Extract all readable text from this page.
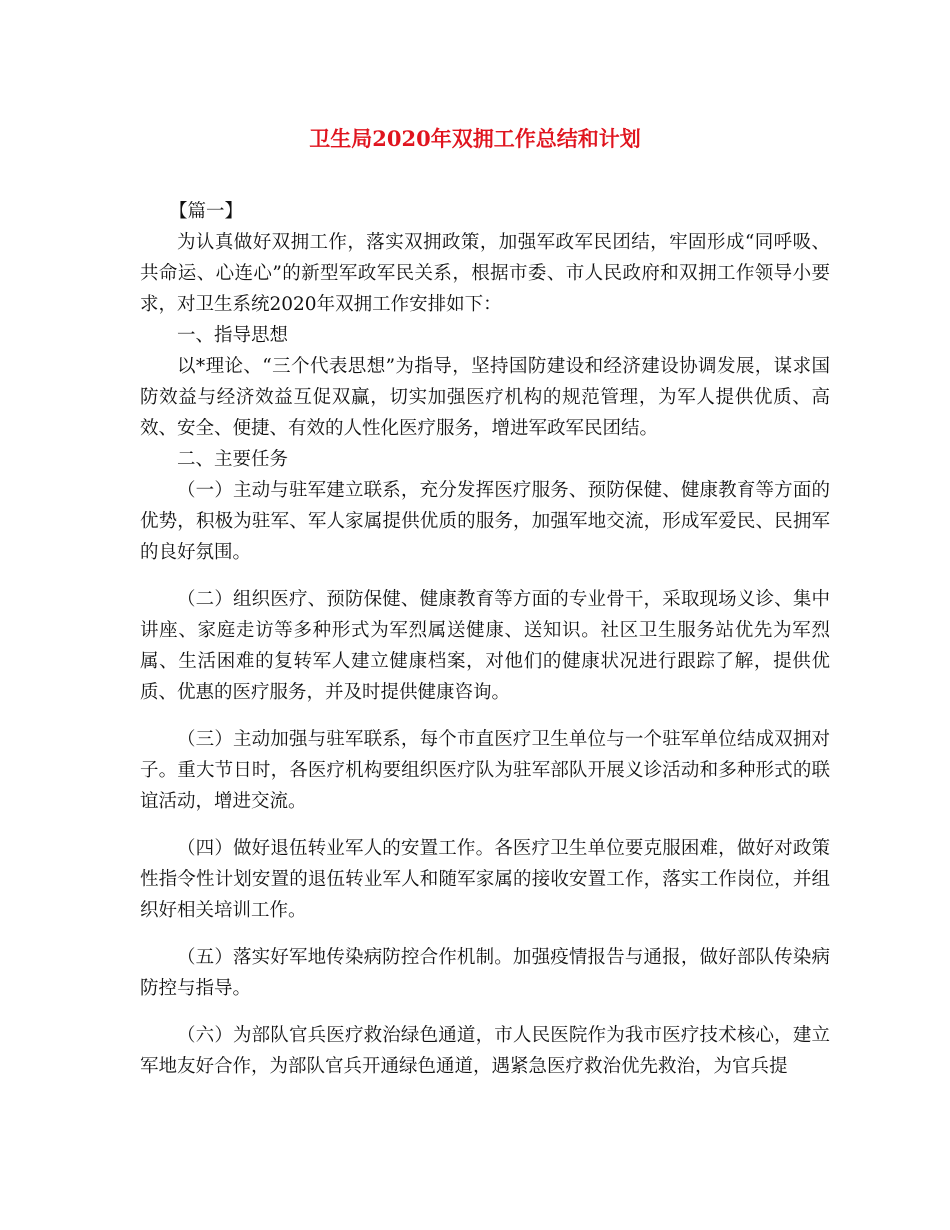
卫生局2020年双拥工作总结和计划

【篇一】

为认真做好双拥工作，落实双拥政策，加强军政军民团结，牢固形成“同呼吸、共命运、心连心”的新型军政军民关系，根据市委、市人民政府和双拥工作领导小要求，对卫生系统2020年双拥工作安排如下：

一、指导思想

以*理论、“三个代表思想”为指导，坚持国防建设和经济建设协调发展，谋求国防效益与经济效益互促双赢，切实加强医疗机构的规范管理，为军人提供优质、高效、安全、便捷、有效的人性化医疗服务，增进军政军民团结。

二、主要任务

（一）主动与驻军建立联系，充分发挥医疗服务、预防保健、健康教育等方面的优势，积极为驻军、军人家属提供优质的服务，加强军地交流，形成军爱民、民拥军的良好氛围。

（二）组织医疗、预防保健、健康教育等方面的专业骨干，采取现场义诊、集中讲座、家庭走访等多种形式为军烈属送健康、送知识。社区卫生服务站优先为军烈属、生活困难的复转军人建立健康档案，对他们的健康状况进行跟踪了解，提供优质、优惠的医疗服务，并及时提供健康咨询。

（三）主动加强与驻军联系，每个市直医疗卫生单位与一个驻军单位结成双拥对子。重大节日时，各医疗机构要组织医疗队为驻军部队开展义诊活动和多种形式的联谊活动，增进交流。

（四）做好退伍转业军人的安置工作。各医疗卫生单位要克服困难，做好对政策性指令性计划安置的退伍转业军人和随军家属的接收安置工作，落实工作岗位，并组织好相关培训工作。

（五）落实好军地传染病防控合作机制。加强疫情报告与通报，做好部队传染病防控与指导。

（六）为部队官兵医疗救治绿色通道，市人民医院作为我市医疗技术核心，建立军地友好合作，为部队官兵开通绿色通道，遇紧急医疗救治优先救治，为官兵提
